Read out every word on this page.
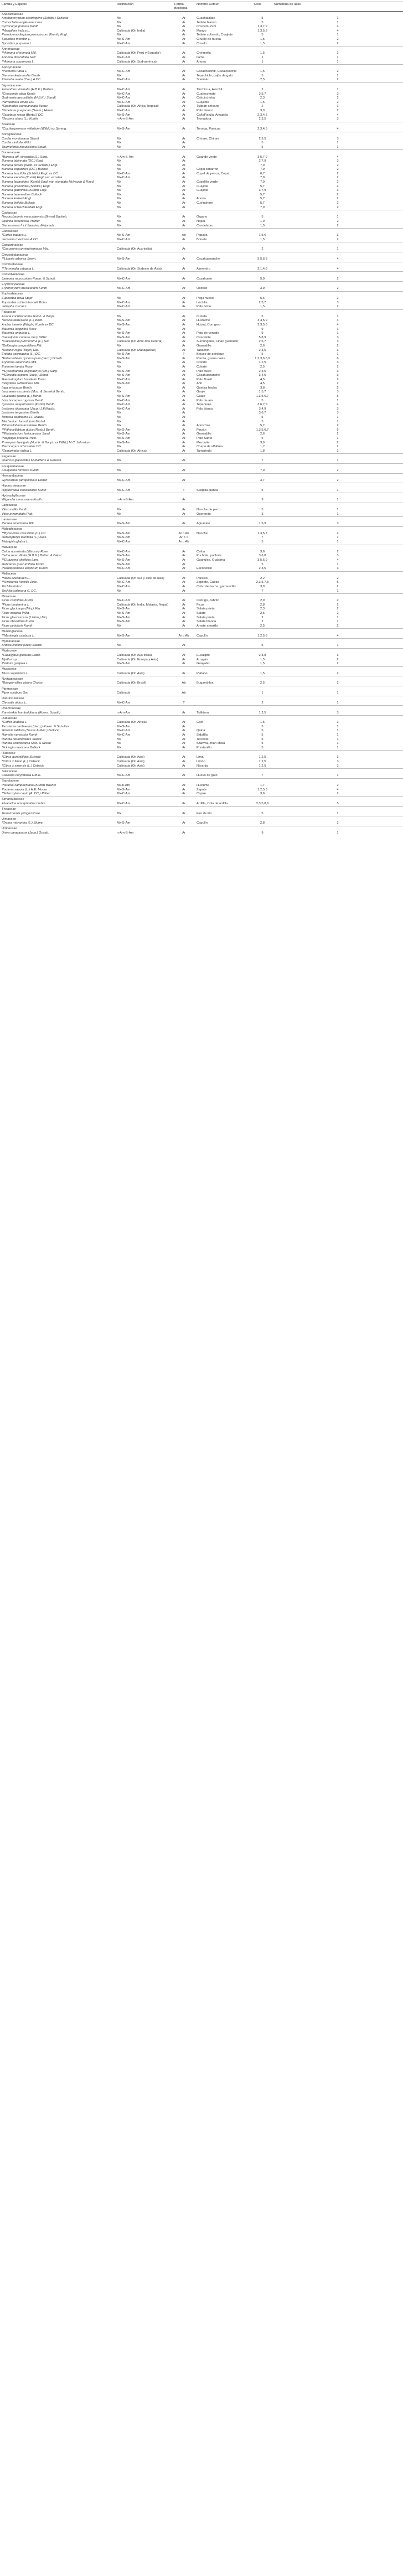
Familia y Especie	Distribución	Forma Biológica	Nombre Común	Usos	Sumatoria de usos
Anacardiaceae					
Amphipterygium adstringens (Schltdl.) Schiede	Mx	Ar	Cuachalalate	5	1
Comocladia engleriana Loes	Mx	Ar	Tetlate blanco	5	1
Cyrtocarpa procera Kunth	Mx	Ar	Chucum-Pum	1,3,7,9	4
*Mangifera indica L.	Cultivada (Or. India)	Ar	Mango	1,3,5,8	4
Pseudosmodingium perniciosum (Kunth) Engl.	Mx	Ar	Tetlate colorado, Cuajiote	5	1
Spondias mombin L.	Mx-S-Am	Ar	Ciruelo de huesa	1,5	2
Spondias purpurea L.	Mx-C-Am	Ar	Ciruelo	1,5	2
Annonaceae					
**Annona cherimola Mill.	Cultivada (Or. Perú y Ecuador)	Ar	Chirimolla	1,5	2
Annona diversifolia Saff	Mx-C-Am	Ar	Ilama	1	1
**Annona squamosa L.	Cultivada (Or. Sud-américa)	Ar	Anona	1	1
Apocynaceae					
*Plumeria rubra L.	Mx-C-Am	Ar	Cacaloxóchitl, Cacaloxochitl	1,5	2
Stemmadenia mollis Benth.	Mx	Ar	Tepechicle, cojón de gato	5	1
Thevetia ovata (Cav.) A.DC.	Mx-C-Am	Ar	Soeimán	2,5	2
Bignoniaceae					
Astianthus viminalis (H.B.K.) Baillon	Mx-C-Am	Ar	Tinchicua, Azuchil	2	1
*Crescentia alata Kunth	Mx-C-Am	Ar	Cuatecomate	3,5,7	3
Godmania aesculifolia (H.B.K.) Standl.	Mx-C-Am	Ar	Cahuirchuha	2,3	2
Parmentiera edulis DC	Mx-C-Am	Ar	Cuajilote	1,5	2
*Spathodea campanulata Beauv.	Cultivada (Or. África Tropical)	Ar	Tulipán africano	2	1
*Tabebuia guayacan (Seem.) Hemsl.	Mx-C-Am	Ar	Palo blanco	3,9	2
*Tabebuia rosea (Bertol.) DC.	Mx-S-Am	Ar	CañaFistula, Amapola	2,3,4,5	4
*Tecoma stans (L.) Kunth	n-Am-S-Am	Ar	Tronadora	2,3,5	3
Bixaceae					
*Cochlospermum vitifolium (Willd.) ex Spreng.	Mx-S-Am	Ar	Toronja, Panicua	2,3,4,5	4
Boraginaceae					
Cordia morelosana Standl.	Mx	Ar	Chirare, Chirare	2,3,5	3
Cordia sinifolia Willd.	Mx	Ar		5	1
Tournefortia hirsutissima Steud.	Mx	Ar		5	1
Burseraceae					
*Bursera aff. simaruba (L.) Sarg.	n-Am-S-Am	Ar	Guande verde	3,5,7,9	4
Bursera bipinnata (DC.) Engl.	Mx	Ar		2,7,9	3
Bursera bicolor (Willd. ex Schltdl.) Engl.	Mx	Ar		7,9	2
Bursera copallifera (DC.) Bullock	Mx	Ar	Copal cimarrón	7,9	2
Bursera lancifolia (Schltdl.) Engl. ex DC.	Mx-C-Am	Ar	Copal de penca, Copal	6,7	2
Bursera excelsa (Kunth) Engl. var. excelsa	Mx-C-Am	Ar		7,9	2
Bursera fagaroides (Kunth) Engl. var. elongata McVaugh & Rzed.	Mx	Ar	Copalillo verde	7,9	2
Bursera grandifolia (Schltdl.) Engl.	Mx	Ar	Cuajiote	5,7	2
Bursera glabrifolia (Kunth) Engl.	Mx	Ar	Cuajiote	3,7,9	3
Bursera heteresthes Bullock	Mx	Ar		5,7	2
Bursera kerberi Engl.	Mx	Ar	Anona	5,7	2
Bursera linifolia Bullock	Mx	Ar	Cuirinchore	5,7	2
Bursera schlechtendalii Engl.	Mx	Ar		7,9	2
Cactaceae					
Neobuxbaumia mezcalaensis (Bravo) Backeb.	Mx	Ar	Órgano	5	1
Opuntia tomentosa Pfeiffer	Mx	Ar	Nopal	1,9	2
Stenocereus fricii Sanchez-Mejorada	Mx	Ar	Candelabro	1,5	2
Caricaceae					
*Carica papaya L.	Mx-S-Am	Ab	Papaya	1,5,6	3
Jacaratia mexicana A.DC.	Mx-C-Am	Ar	Bonete	1,5	2
Casuarinaceae					
*Casuarina cunninghamiana Miq.	Cultivada (Or. Aus-tralia)	Ar		2	1
Chrysobalanaceae					
**Licania arborea Seem.	Mx-S-Am	Ar	Cacahuananche	3,5,6,8	4
Combretaceae					
**Terminalia catappa L.	Cultivada (Or. Sudeste de Asia)	Ar	Almendro	2,1,4,8	4
Convolvulaceae					
Ipomoea murucoides Roem. & Schult.	Mx-C-Am	Ar	Cazahuate	5,9	2
Erythroxylaceae					
Erythroxylum mexicanum Kunth	Mx-C-Am	Ar	Ocotillo	3,9	2
Euphorbiaceae					
Euphorbia fulva Stapf	Mx	Ar	Pega hueso	5,6	2
Euphorbia schlechtendalii Boiss.	Mx-C-Am	Ar	Lechilla	2,5,7	3
Jatropha curcas L.	Mx-C-Am	Ar	Palo bobo	1,5	2
Fabaceae					
Acacia cochliacantha Humb. & Bonpl.	Mx	Ar	Cubata	5	1
*Acacia farnesiana (L.) Willd.	Mx-S-Am	Ar	Huizache	3,4,5,9	4
Andira inermis (Wright) Kunth ex DC.	Mx-S-Am	Ar	Huizal, Corrigero	2,3,5,8	4
Bauhinia longiflora Rose	Mx	Ar		9	1
Bauhinia ungulata L.	Mx-S-Am	Ar	Pata de venado	9	1
Caesalpinia coriaria Jacq. Willd.	Mx-S-Am	Ar	Cascalote	5,8,9	3
*Caesalpinia pulcherrima (L.) Sw.	Cultivada (Or. Amé-rica Central)	Ar	Surcungano, Cinan guanasto	2,5,7	3
*Delbergia congestiflora Pitt.	Mx	Ar	Granadillo	2,6	2
*Delonix regia (Bojer) Raf.	Cultivada (Or. Madagascar)	Ar	Tabachín	2,3,5	3
Entada polystachia (L.) DC.	Mx-S-Am	T	Bejuco de peinique	5	1
*Enterolobium cyclocarpum (Jacq.) Griseb.	Mx-S-Am	Ar	Parota, guana caste	1,2,3,6,8,9	6
Erythrina americana Mill.	Mx	Ar	Colorín	1,2,5	3
Erythrina lanata Rose	Mx	Ar	Colorín	2,5	2
**Eysenhardtia polystachya (Ort.) Sarg.	Mx-S-Am	Ar	Palo dulce	2,3,5	3
**Gliricidia sepium (Jacq.) Steud.	Mx-S-Am	Ar	Cacahuananche	3,4,5	3
Haematoxylum brasiletto Karst.	Mx-C-Am	Ar	Palo Brasil	4,5	2
Indigofera suffruticosa Mill.	Mx-S-Am	Ar	Añil	4,5	2
Inga eriocarpa Benth.	Mx	Ar	Quebra hacha	3,8	2
Leucaena esculenta (Moc. & Sessés) Benth.	Mx	Ar	Guaje	1,5,7	3
Leucaena glauca (L.) Benth.	Mx-S-Am	Ar	Guaje	1,3,5,6,7	5
Lonchocarpus rugosus Benth.	Mx-C-Am	Ar	Palo de ara	5	1
Lysiloma acapulcensis (Kunth) Benth.	Mx-C-Am	Ar	Tepehuaje	3,6,7,9	4
Lysiloma divaricata (Jacq.) J.F.Macbr.	Mx-C-Am	Ar	Palo blanco	3,4,9	3
Lysiloma tergemina Benth.	Mx	Ar		3,6,7	3
Mimosa benthamii J.F. Macbr.	Mx	Ar		5	1
Mechanium lonvolutum Michel	Mx	Ar		5	1
Pithecellobium acatlense Benth.	Mx	Ar	Aprochse	5,7	2
**Pithecellobium dulce (Roxb.) Benth.	Mx-S-Am	Ar	Pinzán	1,3,5,6,7	5
**Platymiscium lasiocarpum Sand.	Mx-S-Am	Ar	Granadillo	2,6	2
Poeppigia procera Presl.	Mx-S-Am	Ar	Palo Santo	5	1
Prosopsis laevigata (Humb. & Bonpl. ex Willd.) M.C. Johnston	Mx-S-Am	Ar	Mezquite	3,9	2
Pterocarpus orbiculatus DC.	Mx	Ar	Chapa de alfalfma	1,7	2
*Tamarindus indica L.	Cultivada (Or. África)	Ar	Tamarindo	1,8	2
Fagaceae					
Quercus glaucoides M.Martens & Galeotti	Mx	Ar		7	1
Fouquieriaceae					
Fouquieria formosa Kunth	Mx	Ar		7,9	2
Hernandiaceae					
Gyrocarpus jatrophifolius Domin	Mx-C-Am	Ar		3,7	2
Hippocrateaceae					
Hippocratea celastroides Kunth	Mx-C-Am	T	Skopilla blanca	5	1
Hydrophyllaceae					
Wigandia caracasana Kunth	n-Am-S-Am	Ar		9	1
Lamiaceae					
Vitex mollis Kunth	Mx	Ar	Nanche de perro	5	1
Vitex pyramidata Rob.	Mx	Ar	Querendo	3	1
Lauraceae					
Persea americana Mill.	Mx-S-Am	Ar	Aguacate	1,5,9	3
Malpighiaceae					
**Byrsonima crassifolia (L.) DC.	Mx-S-Am	Ar o Ab	Nanche	1,3,5,7	4
Heteropterys laurifolia (L.) Juss.	Mx-S-Am	Ar o T		7	1
Malpighia glabra L.	Mx-C-Am	Ar o Ab		5	1
Malvaceae					
Ceiba acuminata (Watson) Rose	Mx-C-Am	Ar	Ceiba	3,6	2
Ceiba aesculifolia (H.B.K.) Britten & Baker	Mx-S-Am	Ar	Puchote, puchote	3,6,8	3
**Guazuma ulmifolia Lam.	Mx-S-Am	Ar	Guahuixe, Guásima	3,5,6,9	4
Helicteres guazumifolia Kunth	Mx-S-Am	Ar		5	1
Pseudobombax ellipticum Kunth	Mx-C-Am	Ar	Escobetillo	2,3,5	3
Meliaceae					
*Melia azedarach L.	Cultivada (Or. Sur y este de Asia)	Ar	Paraíso	2,2	2
**Swietenia humilis Zucc.	Mx-C-Am	Ar	Zopilote, Caoba	2,3,5,7,8	5
Trichilia hirta L.	Mx-C-Am	Ar	Cabo de hacha, garbancillo	3,9	2
Trichilia colimana C. DC.	Mx	Ar		7	1
Moraceae					
Ficus cotinifolia Kunth	Mx-C-Am	Ar	Cabrigo, cabrito	2,9	2
*Ficus benjamina L.	Cultivada (Or. India, Malasia, Nepal)	Ar	Ficus	2,8	2
Ficus glycicarpa (Miq.) Miq.	Mx-S-Am	Ar	Salate prieta	2,3	2
Ficus insipida Willd.	Mx-S-Am	Ar	Salate	2,5	2
Ficus glaucescens (Liebm.) Miq.	Mx-S-Am	Ar	Salate prieta	2	1
Ficus obtusifolia Kunth	Mx-S-Am	Ar	Salate blanca	2	1
Ficus petiolaris Kunth	Mx	Ar	Amate amarillo	2,5	2
Muntingiaceae					
**Muntingia calabura L.	Mx-S-Am	Ar o Ab	Capulín	1,2,5,8	4
Myrsinaceae					
Ardisia lindenii (Mez) Standl.	Mx	Ar		5	1
Myrtaceae					
*Eucalyptus globulus Labill.	Cultivada (Or. Aus-tralia)	Ar	Eucalipto	2,3,8	3
Myrthut sp.	Cultivada (Or. Europa y Asia)	Ar	Arrayán	1,5	2
Psidium guajava L.	Mx-S-Am	Ar	Guayabo	1,5	2
Musaceae					
Musa sapientum L.	Cultivada (Or. Asia)	Ar	Plátano	1,5	2
Nyctaginaceae					
*Bougainvillea glabra Choisy	Cultivada (Or. Brasil)	Ab	Bugambilea	2,5	2
Piperaceae					
Piper sciabum Sw.	Cultivada	Ab		1	1
Ranunculaceae					
Clematis dioica L.	Mx-C-Am	T		2	1
Rhamnaceae					
Karwinskia humboldtiana (Roem. Schult.)	n-Am-Am	Ar	Tullidora	1,2,5	3
Rubiaceae					
*Coffea arabica L.	Cultivada (Or. África)	Ar	Café	1,5	2
Exostema caribaeum (Jacq.) Roem. & Schultes	Mx-S-Am	Ar		5	1
Hintonia latiflora (Sessé & Moc.) Bullock	Mx-C-Am	Ar	Quina	5	1
Hamelia versicolor Kunth	Mx-C-Am	Ar	Sidalilla	5	1
Randia tetramdoides Standl.	Mx	Ar	Tecolote	5	1
Randia echinocarpa Moc. & Sessé	Mx	Ar	Sitaviva, crian chisa	5	1
Sickingia mexicana Bullock	Mx	Ar	Prestanillo	5	1
Rutaceae					
*Citrus aurantiifolia Swingle	Cultivada (Or. Asia)	Ar	Lima	1,2,5	3
*Citrus x limon (L.) Osbeck	Cultivada (Or. Asia)	Ar	Limón	1,2,5	3
*Citrus x sinensis (L.) Osbeck	Cultivada (Or. Asia)	Ar	Naranja	1,2,5	3
Salicaceae					
Casearia corymbosa H.B.K.	Mx-C-Am	Ar	Huevo de gato	7	1
Sapotaceae					
Pouteria campechiana (Kunth) Baehni	Mx-n-Am	Ar	Huicume	1,7	2
Pouteria sapota (L.) H.E. Moore	Mx-S-Am	Ar	Zapote	1,2,5,8	4
*Sideroxylon capiri (A. DC.) Pittier	Mx-C-Am	Ar	Capire	3,6	2
Simaroubaceae					
Alvaradoa amorphoides Liebm.	Mx-C-Am	Ar	Ardilla, Cola de ardilla	2,3,5,8,9	5
Theaceae					
Ternstroemia pringlei Rose	Mx	Ar	Flor de tila	5	1
Ulmaceae					
*Trema micrantha (L.) Blume	Mx-S-Am	Ar	Capulín	2,8	2
Urticaceae					
Urera caracasana (Jacq.) Griseb.	n-Am-S-Am	Ar		9	1
